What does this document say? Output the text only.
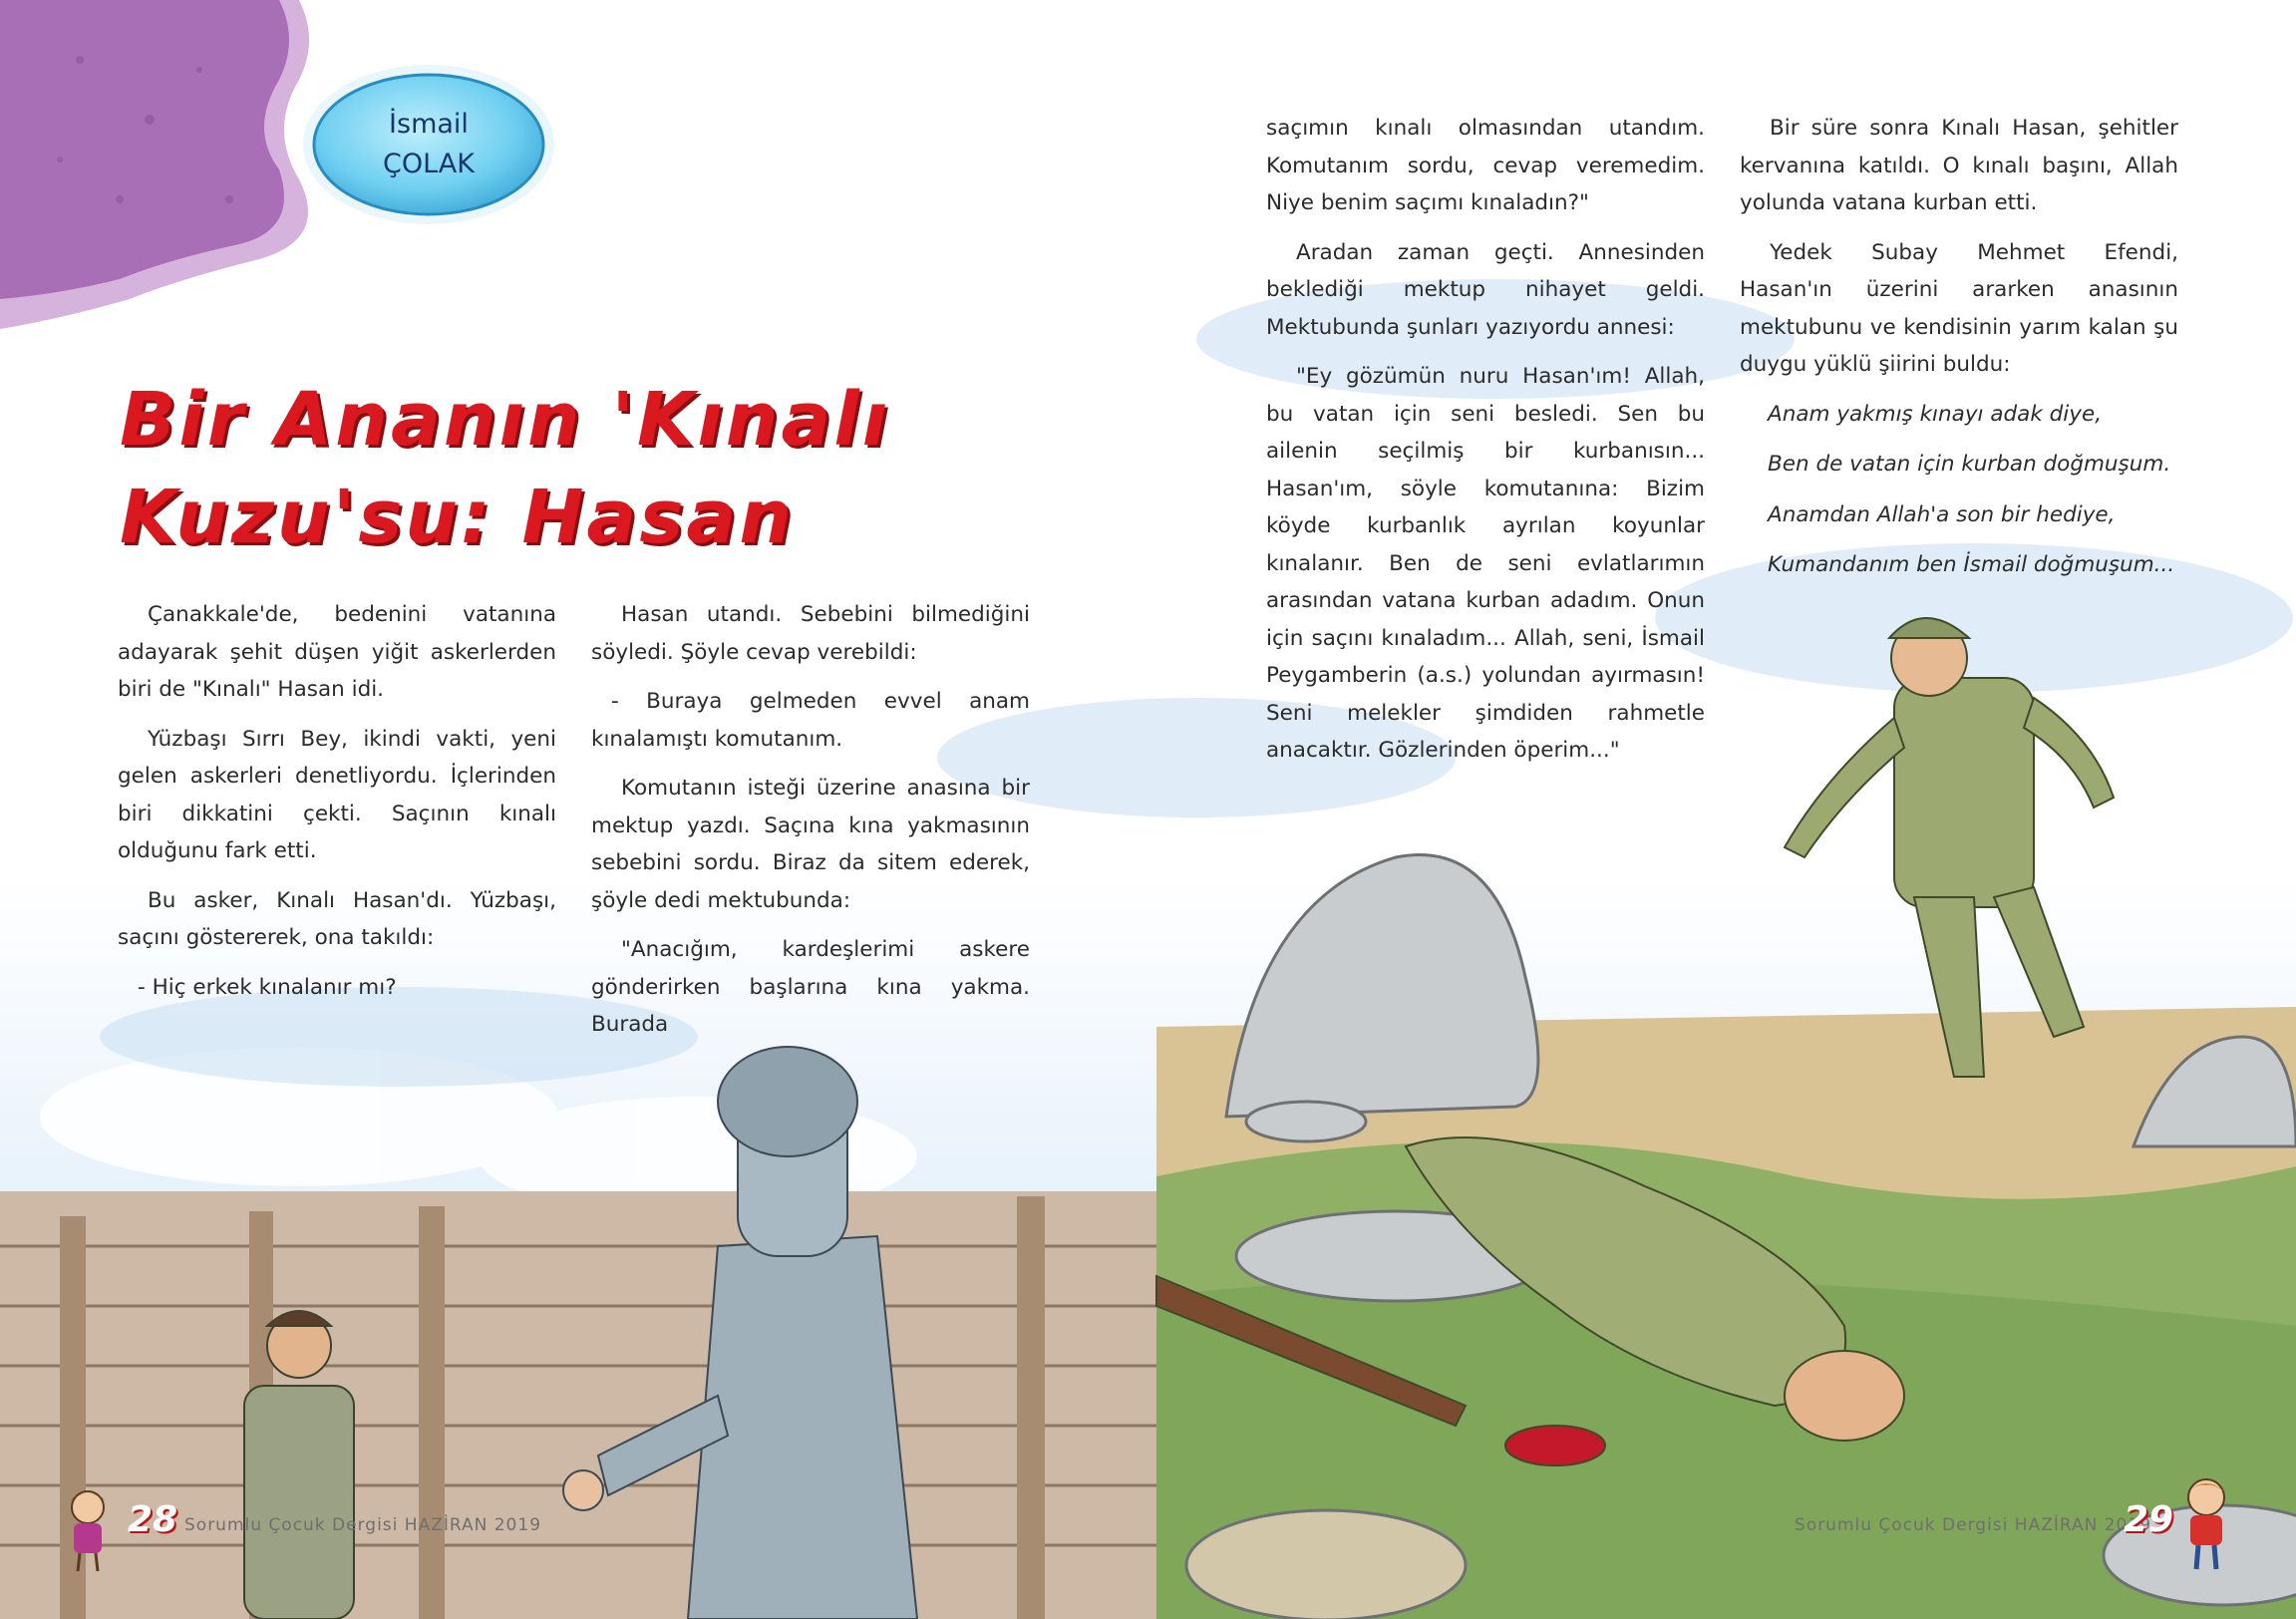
İsmail
ÇOLAK
Bir Ananın 'Kınalı
Kuzu'su: Hasan

Çanakkale'de, bedenini vatanına adayarak şehit düşen yiğit askerlerden biri de "Kınalı" Hasan idi.

Yüzbaşı Sırrı Bey, ikindi vakti, yeni gelen askerleri denetliyordu. İçlerinden biri dikkatini çekti. Saçının kınalı olduğunu fark etti.

Bu asker, Kınalı Hasan'dı. Yüzbaşı, saçını göstererek, ona takıldı:

- Hiç erkek kınalanır mı?

Hasan utandı. Sebebini bilmediğini söyledi. Şöyle cevap verebildi:

- Buraya gelmeden evvel anam kınalamıştı komutanım.

Komutanın isteği üzerine anasına bir mektup yazdı. Saçına kına yakmasının sebebini sordu. Biraz da sitem ederek, şöyle dedi mektubunda:

"Anacığım, kardeşlerimi askere gönderirken başlarına kına yakma. Burada

saçımın kınalı olmasından utandım. Komutanım sordu, cevap veremedim. Niye benim saçımı kınaladın?"

Aradan zaman geçti. Annesinden beklediği mektup nihayet geldi. Mektubunda şunları yazıyordu annesi:

"Ey gözümün nuru Hasan'ım! Allah, bu vatan için seni besledi. Sen bu ailenin seçilmiş bir kurbanısın... Hasan'ım, söyle komutanına: Bizim köyde kurbanlık ayrılan koyunlar kınalanır. Ben de seni evlatlarımın arasından vatana kurban adadım. Onun için saçını kınaladım... Allah, seni, İsmail Peygamberin (a.s.) yolundan ayırmasın! Seni melekler şimdiden rahmetle anacaktır. Gözlerinden öperim..."

Bir süre sonra Kınalı Hasan, şehitler kervanına katıldı. O kınalı başını, Allah yolunda vatana kurban etti.

Yedek Subay Mehmet Efendi, Hasan'ın üzerini ararken anasının mektubunu ve kendisinin yarım kalan şu duygu yüklü şiirini buldu:

Anam yakmış kınayı adak diye,

Ben de vatan için kurban doğmuşum.

Anamdan Allah'a son bir hediye,

Kumandanım ben İsmail doğmuşum...

28 Sorumlu Çocuk Dergisi HAZİRAN 2019	Sorumlu Çocuk Dergisi HAZİRAN 2019
29
